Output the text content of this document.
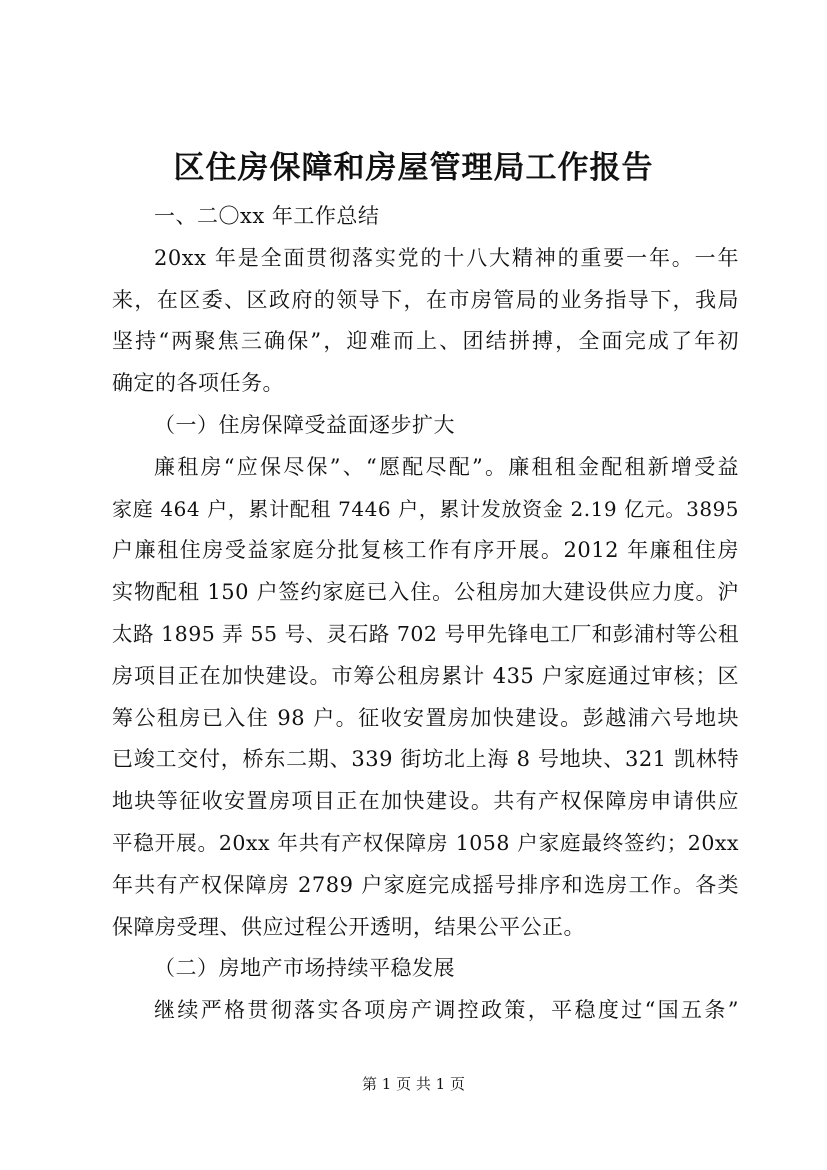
区住房保障和房屋管理局工作报告
一、二〇xx 年工作总结
20xx 年是全面贯彻落实党的十八大精神的重要一年。一年
来，在区委、区政府的领导下，在市房管局的业务指导下，我局
坚持“两聚焦三确保”，迎难而上、团结拼搏，全面完成了年初
确定的各项任务。
（一）住房保障受益面逐步扩大
廉租房“应保尽保”、“愿配尽配”。廉租租金配租新增受益
家庭 464 户，累计配租 7446 户，累计发放资金 2.19 亿元。3895
户廉租住房受益家庭分批复核工作有序开展。2012 年廉租住房
实物配租 150 户签约家庭已入住。公租房加大建设供应力度。沪
太路 1895 弄 55 号、灵石路 702 号甲先锋电工厂和彭浦村等公租
房项目正在加快建设。市筹公租房累计 435 户家庭通过审核；区
筹公租房已入住 98 户。征收安置房加快建设。彭越浦六号地块
已竣工交付，桥东二期、339 街坊北上海 8 号地块、321 凯林特
地块等征收安置房项目正在加快建设。共有产权保障房申请供应
平稳开展。20xx 年共有产权保障房 1058 户家庭最终签约；20xx
年共有产权保障房 2789 户家庭完成摇号排序和选房工作。各类
保障房受理、供应过程公开透明，结果公平公正。
（二）房地产市场持续平稳发展
继续严格贯彻落实各项房产调控政策，平稳度过“国五条”
第 1 页 共 1 页
